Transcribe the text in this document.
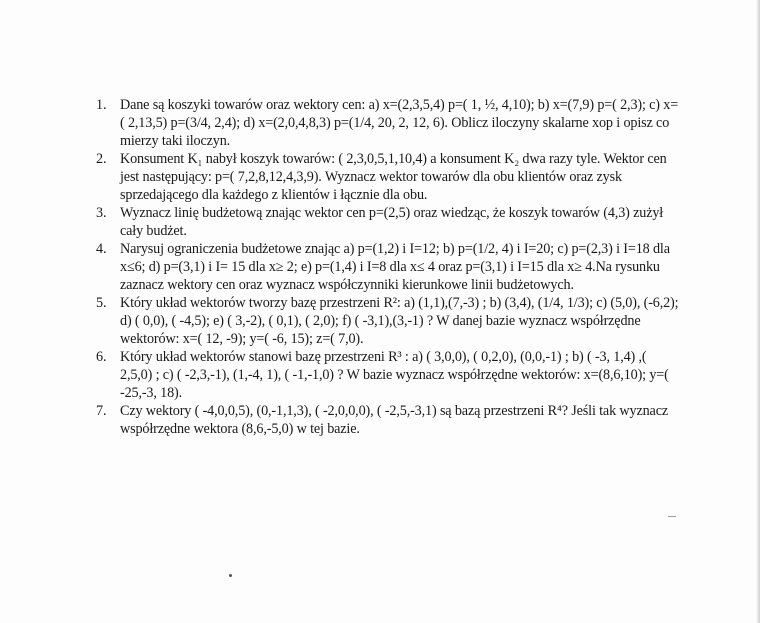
1. Dane są koszyki towarów oraz wektory cen: a) x=(2,3,5,4) p=( 1, ½, 4,10); b) x=(7,9) p=( 2,3); c) x=( 2,13,5) p=(3/4, 2,4); d) x=(2,0,4,8,3) p=(1/4, 20, 2, 12, 6). Oblicz iloczyny skalarne xop i opisz co mierzy taki iloczyn.
2. Konsument K₁ nabył koszyk towarów: ( 2,3,0,5,1,10,4) a konsument K₂ dwa razy tyle. Wektor cen jest następujący: p=( 7,2,8,12,4,3,9). Wyznacz wektor towarów dla obu klientów oraz zysk sprzedającego dla każdego z klientów i łącznie dla obu.
3. Wyznacz linię budżetową znając wektor cen p=(2,5) oraz wiedząc, że koszyk towarów (4,3) zużył cały budżet.
4. Narysuj ograniczenia budżetowe znając a) p=(1,2) i I=12; b) p=(1/2, 4) i I=20; c) p=(2,3) i I=18 dla x≤6; d) p=(3,1) i I= 15 dla x≥ 2; e) p=(1,4) i I=8 dla x≤ 4 oraz p=(3,1) i I=15 dla x≥ 4.Na rysunku zaznacz wektory cen oraz wyznacz współczynniki kierunkowe linii budżetowych.
5. Który układ wektorów tworzy bazę przestrzeni R²: a) (1,1),(7,-3) ; b) (3,4), (1/4, 1/3); c) (5,0), (-6,2); d) ( 0,0), ( -4,5); e) ( 3,-2), ( 0,1), ( 2,0); f) ( -3,1),(3,-1) ? W danej bazie wyznacz współrzędne wektorów: x=( 12, -9); y=( -6, 15); z=( 7,0).
6. Który układ wektorów stanowi bazę przestrzeni R³ : a) ( 3,0,0), ( 0,2,0), (0,0,-1) ; b) ( -3, 1,4) ,( 2,5,0) ; c) ( -2,3,-1), (1,-4, 1), ( -1,-1,0) ? W bazie wyznacz współrzędne wektorów: x=(8,6,10); y=( -25,-3, 18).
7. Czy wektory ( -4,0,0,5), (0,-1,1,3), ( -2,0,0,0), ( -2,5,-3,1) są bazą przestrzeni R⁴? Jeśli tak wyznacz współrzędne wektora (8,6,-5,0) w tej bazie.
